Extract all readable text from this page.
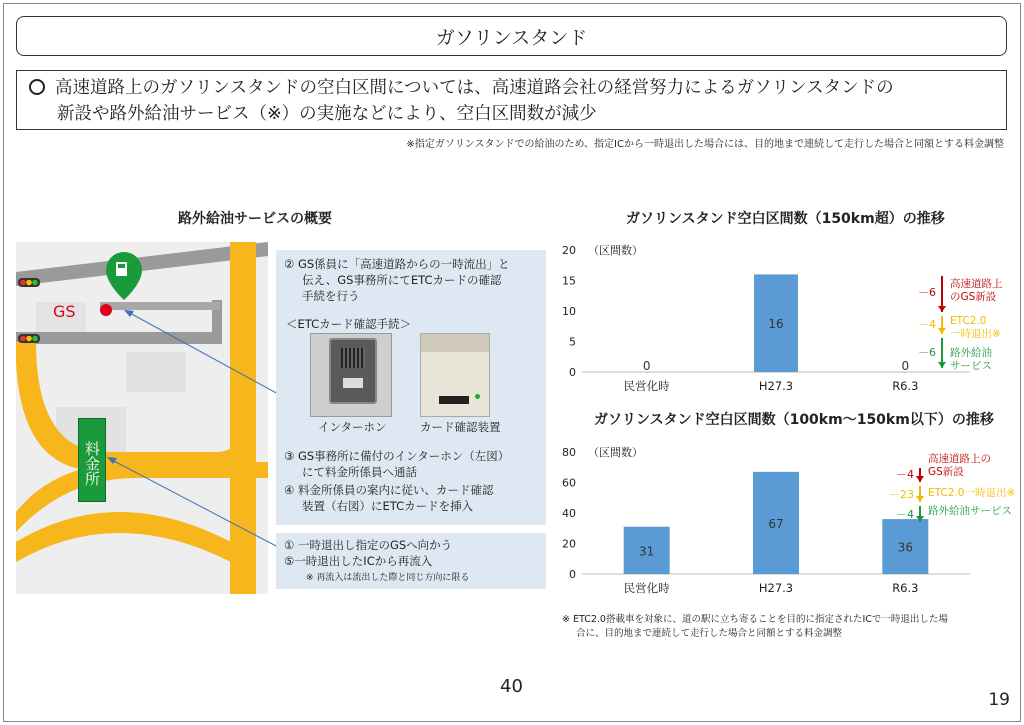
ガソリンスタンド
高速道路上のガソリンスタンドの空白区間については、高速道路会社の経営努力によるガソリンスタンドの
新設や路外給油サービス（※）の実施などにより、空白区間数が減少
※指定ガソリンスタンドでの給油のため、指定ICから一時退出した場合には、目的地まで連続して走行した場合と同額とする料金調整
路外給油サービスの概要
GS
料金所
② GS係員に「高速道路からの一時流出」と
伝え、GS事務所にてETCカードの確認
手続を行う
＜ETCカード確認手続＞
インターホン	カード確認装置
③ GS事務所に備付のインターホン（左図）
にて料金所係員へ通話
④ 料金所係員の案内に従い、カード確認
装置（右図）にETCカードを挿入
① 一時退出し指定のGSへ向かう
⑤一時退出したICから再流入
※ 再流入は流出した際と同じ方向に限る
ガソリンスタンド空白区間数（150km超）の推移
ガソリンスタンド空白区間数（100km～150km以下）の推移
（区間数）
0
5
10
15
20
0
民営化時
16
H27.3
0
R6.3
－6
高速道路上
のGS新設
－4 ETC2.0
一時退出※
－6 路外給油
サービス
（区間数）
0
20
40
60
80
31
民営化時
67
H27.3
36
R6.3
－4
高速道路上の
GS新設
－23 ETC2.0一時退出※
－4 路外給油サービス
※ ETC2.0搭載車を対象に、道の駅に立ち寄ることを目的に指定されたICで一時退出した場
合に、目的地まで連続して走行した場合と同額とする料金調整
40
19
